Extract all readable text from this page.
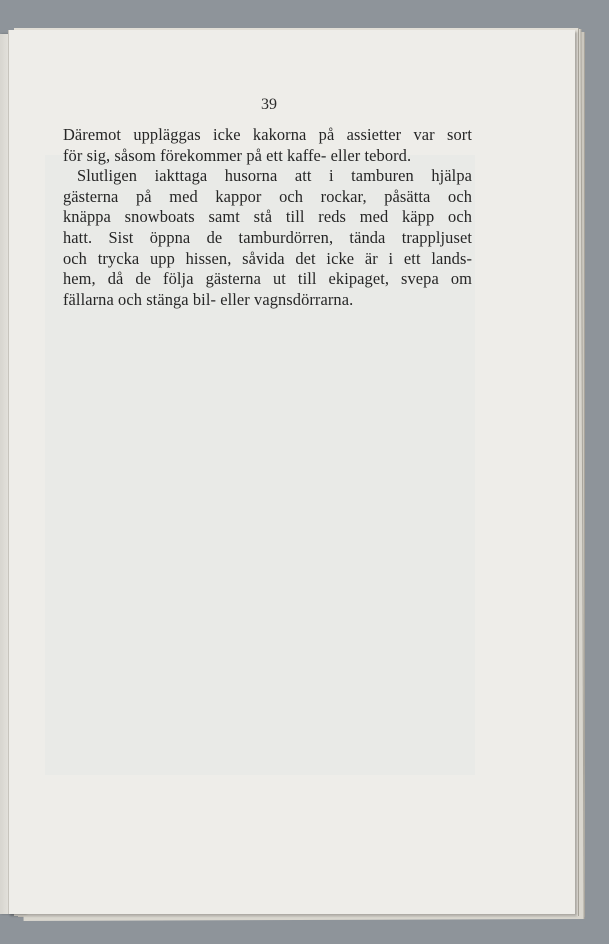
39
Däremot uppläggas icke kakorna på assietter var sort
för sig, såsom förekommer på ett kaffe- eller tebord.
Slutligen iakttaga husorna att i tamburen hjälpa
gästerna på med kappor och rockar, påsätta och
knäppa snowboats samt stå till reds med käpp och
hatt. Sist öppna de tamburdörren, tända trappljuset
och trycka upp hissen, såvida det icke är i ett lands-
hem, då de följa gästerna ut till ekipaget, svepa om
fällarna och stänga bil- eller vagnsdörrarna.
